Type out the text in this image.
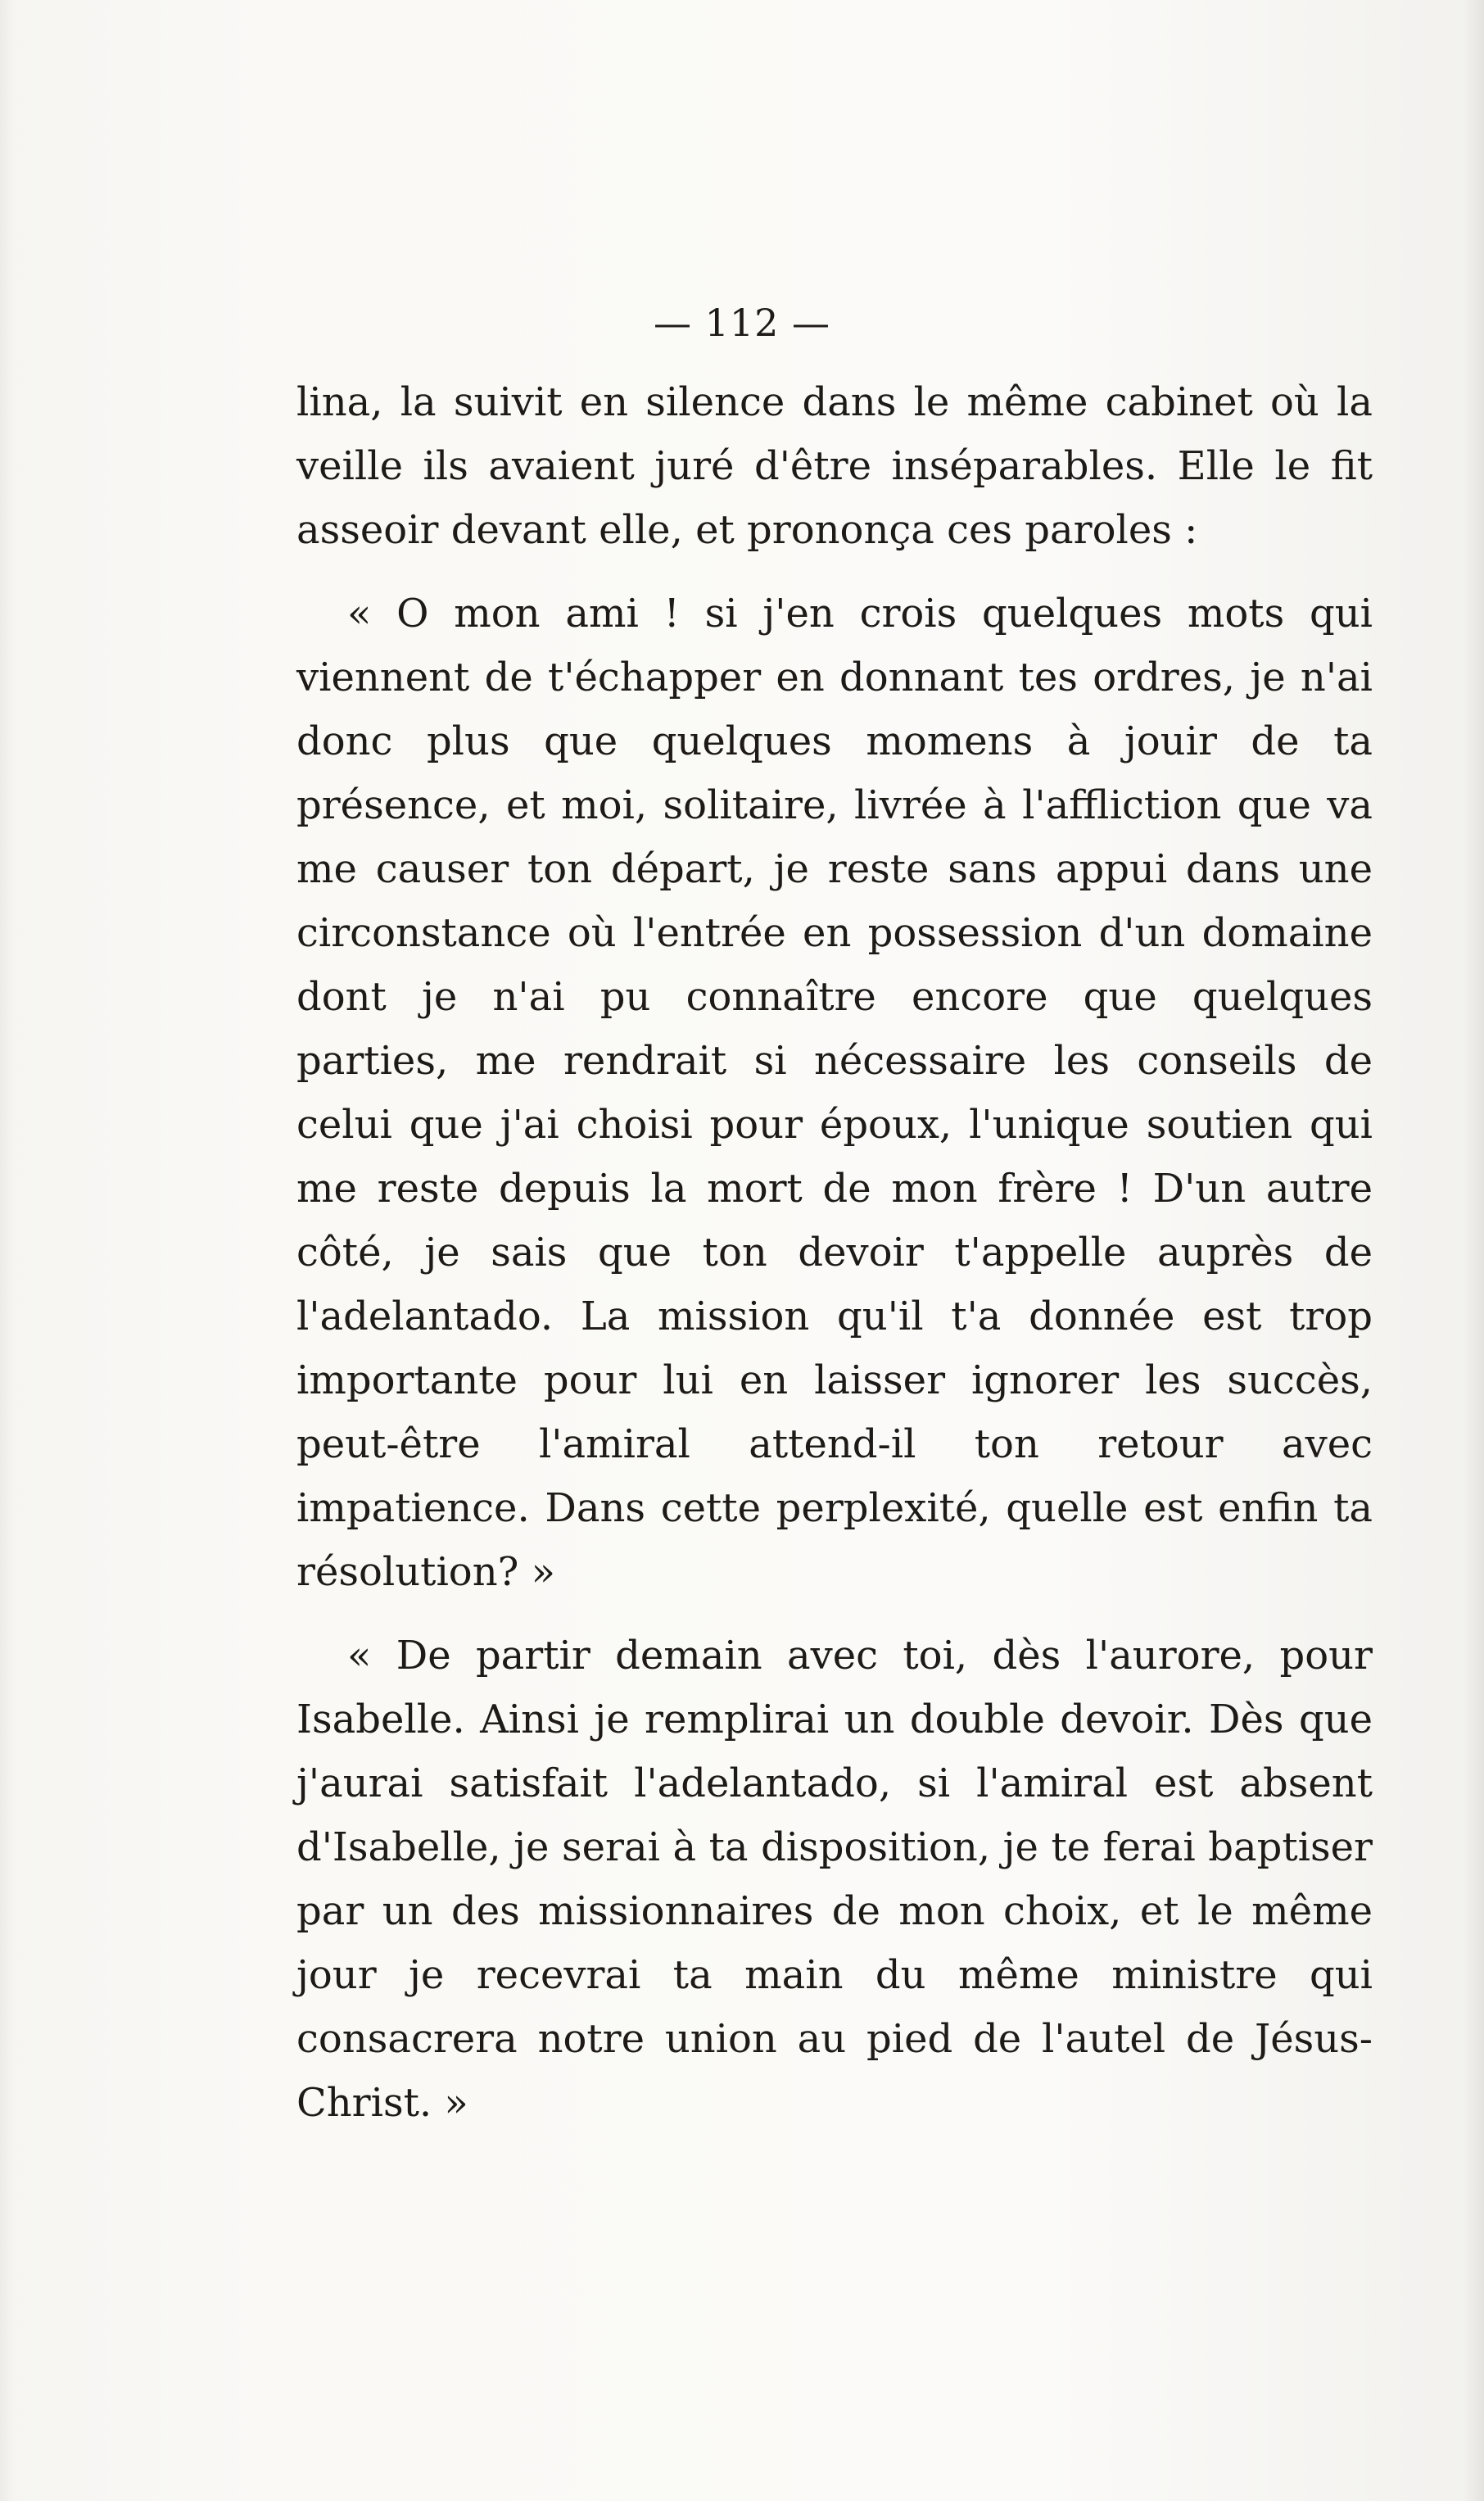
— 112 —

lina, la suivit en silence dans le même cabinet où la veille ils avaient juré d'être inséparables. Elle le fit asseoir devant elle, et prononça ces paroles :

« O mon ami ! si j'en crois quelques mots qui viennent de t'échapper en donnant tes ordres, je n'ai donc plus que quelques momens à jouir de ta présence, et moi, solitaire, livrée à l'affliction que va me causer ton départ, je reste sans appui dans une circonstance où l'entrée en possession d'un domaine dont je n'ai pu connaître encore que quelques parties, me rendrait si nécessaire les conseils de celui que j'ai choisi pour époux, l'unique soutien qui me reste depuis la mort de mon frère ! D'un autre côté, je sais que ton devoir t'appelle auprès de l'adelantado. La mission qu'il t'a donnée est trop importante pour lui en laisser ignorer les succès, peut-être l'amiral attend-il ton retour avec impatience. Dans cette perplexité, quelle est enfin ta résolution? »

« De partir demain avec toi, dès l'aurore, pour Isabelle. Ainsi je remplirai un double devoir. Dès que j'aurai satisfait l'adelantado, si l'amiral est absent d'Isabelle, je serai à ta disposition, je te ferai baptiser par un des missionnaires de mon choix, et le même jour je recevrai ta main du même ministre qui consacrera notre union au pied de l'autel de Jésus-Christ. »
